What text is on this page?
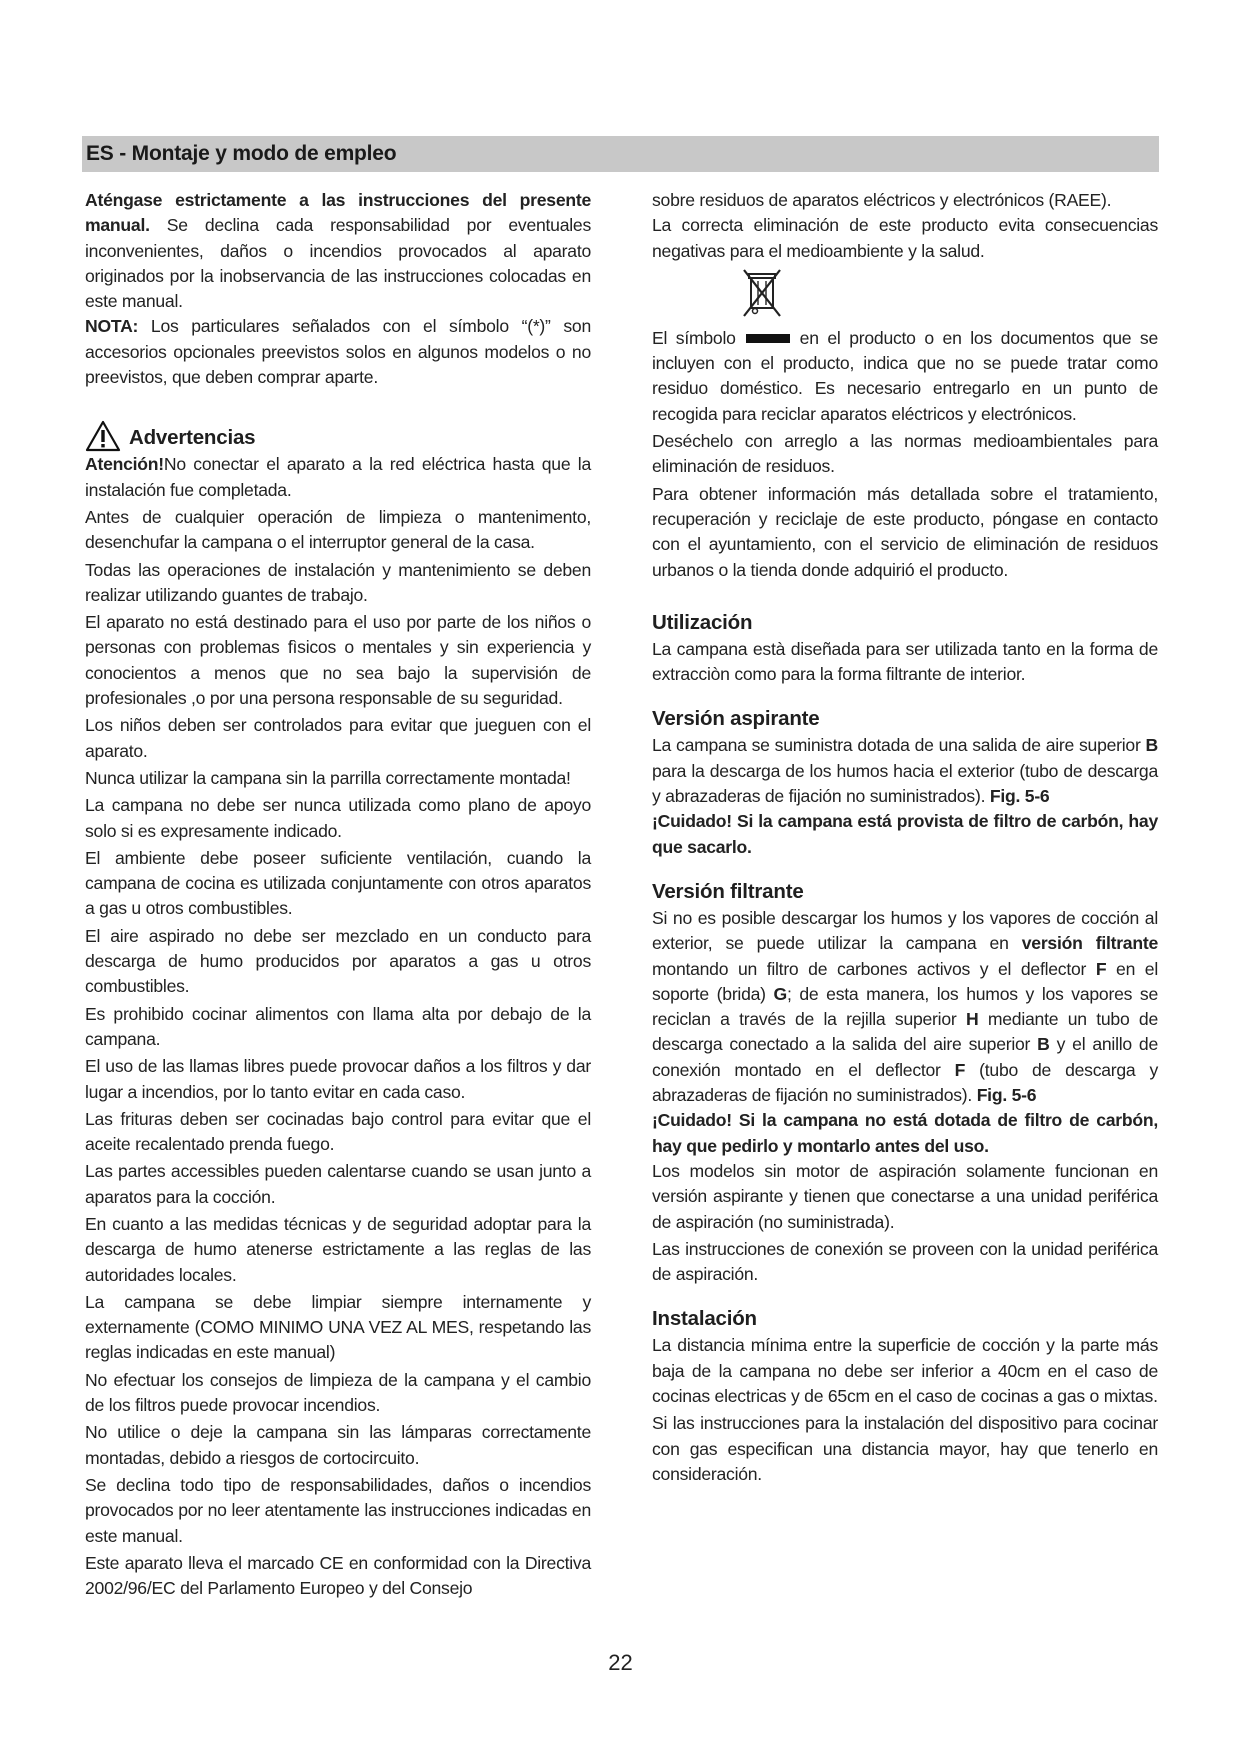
ES - Montaje y modo de empleo

Aténgase estrictamente a las instrucciones del presente manual. Se declina cada responsabilidad por eventuales inconvenientes, daños o incendios provocados al aparato originados por la inobservancia de las instrucciones colocadas en este manual.

NOTA: Los particulares señalados con el símbolo “(*)” son accesorios opcionales preevistos solos en algunos modelos o no preevistos, que deben comprar aparte.

Advertencias

Atención!No conectar el aparato a la red eléctrica hasta que la instalación fue completada.

Antes de cualquier operación de limpieza o mantenimento, desenchufar la campana o el interruptor general de la casa.

Todas las operaciones de instalación y mantenimiento se deben realizar utilizando guantes de trabajo.

El aparato no está destinado para el uso por parte de los niños o personas con problemas fìsicos o mentales y sin experiencia y conocientos a menos que no sea bajo la supervisión de profesionales ,o por una persona responsable de su seguridad.

Los niños deben ser controlados para evitar que jueguen con el aparato.

Nunca utilizar la campana sin la parrilla correctamente montada!

La campana no debe ser nunca utilizada como plano de apoyo solo si es expresamente indicado.

El ambiente debe poseer suficiente ventilación, cuando la campana de cocina es utilizada conjuntamente con otros aparatos a gas u otros combustibles.

El aire aspirado no debe ser mezclado en un conducto para descarga de humo producidos por aparatos a gas u otros combustibles.

Es prohibido cocinar alimentos con llama alta por debajo de la campana.

El uso de las llamas libres puede provocar daños a los filtros y dar lugar a incendios, por lo tanto evitar en cada caso.

Las frituras deben ser cocinadas bajo control para evitar que el aceite recalentado prenda fuego.

Las partes accessibles pueden calentarse cuando se usan junto a aparatos para la cocción.

En cuanto a las medidas técnicas y de seguridad adoptar para la descarga de humo atenerse estrictamente a las reglas de las autoridades locales.

La campana se debe limpiar siempre internamente y externamente (COMO MINIMO UNA VEZ AL MES, respetando las reglas indicadas en este manual)

No efectuar los consejos de limpieza de la campana y el cambio de los filtros puede provocar incendios.

No utilice o deje la campana sin las lámparas correctamente montadas, debido a riesgos de cortocircuito.

Se declina todo tipo de responsabilidades, daños o incendios provocados por no leer atentamente las instrucciones indicadas en este manual.

Este aparato lleva el marcado CE en conformidad con la Directiva 2002/96/EC del Parlamento Europeo y del Consejo

sobre residuos de aparatos eléctricos y electrónicos (RAEE).

La correcta eliminación de este producto evita consecuencias negativas para el medioambiente y la salud.

El símbolo	en el producto o en los documentos que se incluyen con el producto, indica que no se puede tratar como residuo doméstico. Es necesario entregarlo en un punto de recogida para reciclar aparatos eléctricos y electrónicos.

Deséchelo con arreglo a las normas medioambientales para eliminación de residuos.

Para obtener información más detallada sobre el tratamiento, recuperación y reciclaje de este producto, póngase en contacto con el ayuntamiento, con el servicio de eliminación de residuos urbanos o la tienda donde adquirió el producto.

Utilización

La campana està diseñada para ser utilizada tanto en la forma de extracciòn como para la forma filtrante de interior.

Versión aspirante

La campana se suministra dotada de una salida de aire superior B para la descarga de los humos hacia el exterior (tubo de descarga y abrazaderas de fijación no suministrados). Fig. 5-6

¡Cuidado! Si la campana está provista de filtro de carbón, hay que sacarlo.

Versión filtrante

Si no es posible descargar los humos y los vapores de cocción al exterior, se puede utilizar la campana en versión filtrante montando un filtro de carbones activos y el deflector F en el soporte (brida) G; de esta manera, los humos y los vapores se reciclan a través de la rejilla superior H mediante un tubo de descarga conectado a la salida del aire superior B y el anillo de conexión montado en el deflector F (tubo de descarga y abrazaderas de fijación no suministrados). Fig. 5-6

¡Cuidado! Si la campana no está dotada de filtro de carbón, hay que pedirlo y montarlo antes del uso.

Los modelos sin motor de aspiración solamente funcionan en versión aspirante y tienen que conectarse a una unidad periférica de aspiración (no suministrada).

Las instrucciones de conexión se proveen con la unidad periférica de aspiración.

Instalación

La distancia mínima entre la superficie de cocción y la parte más baja de la campana no debe ser inferior a 40cm en el caso de cocinas electricas y de 65cm en el caso de cocinas a gas o mixtas.

Si las instrucciones para la instalación del dispositivo para cocinar con gas especifican una distancia mayor, hay que tenerlo en consideración.

22
